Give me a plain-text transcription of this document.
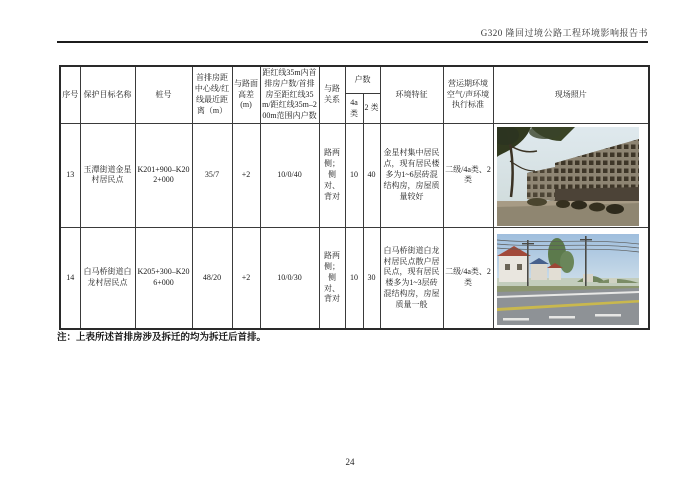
G320 隆回过境公路工程环境影响报告书
序号	保护目标名称	桩号	首排房距中心线/红线最近距离（m）	与路面高差(m)	距红线35m内首排房户数/首排房至距红线35m/距红线35m–200m范围内户数	与路关系	户数		环境特征	营运期环境空气/声环境执行标准	现场照片
							4a 类	2 类			
13	玉潭街道金星村居民点	K201+900–K202+000	35/7	+2	10/0/40	路两侧；侧对、背对	10	40	金星村集中居民点，现有居民楼多为1~6层砖混结构房，房屋质量较好	二级/4a类、2类	

14	白马桥街道白龙村居民点	K205+300–K206+000	48/20	+2	10/0/30	路两侧；侧对、背对	10	30	白马桥街道白龙村居民点散户居民点，现有居民楼多为1~3层砖混结构房，房屋质量一般	二级/4a类、2类	
注：上表所述首排房涉及拆迁的均为拆迁后首排。
24
